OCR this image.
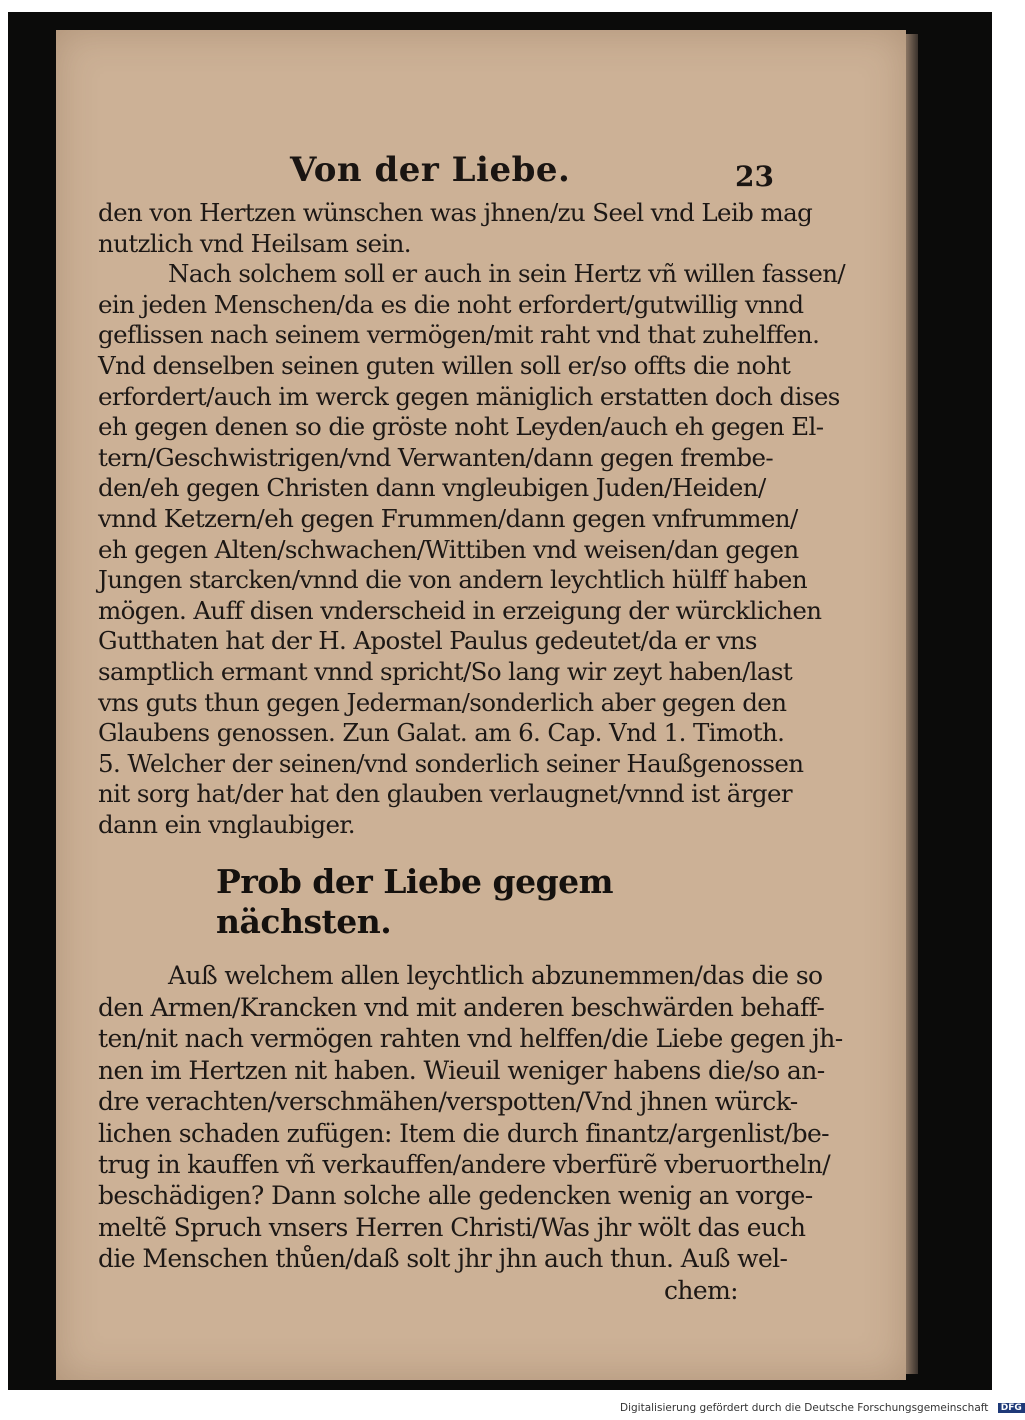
Von der Liebe.	23
den von Hertzen wünschen was jhnen/zu Seel vnd Leib mag
nutzlich vnd Heilsam sein.
Nach solchem soll er auch in sein Hertz vñ willen fassen/
ein jeden Menschen/da es die noht erfordert/gutwillig vnnd
geflissen nach seinem vermögen/mit raht vnd that zuhelffen.
Vnd denselben seinen guten willen soll er/so offts die noht
erfordert/auch im werck gegen mäniglich erstatten doch dises
eh gegen denen so die gröste noht Leyden/auch eh gegen El-
tern/Geschwistrigen/vnd Verwanten/dann gegen frembe-
den/eh gegen Christen dann vngleubigen Juden/Heiden/
vnnd Ketzern/eh gegen Frummen/dann gegen vnfrummen/
eh gegen Alten/schwachen/Wittiben vnd weisen/dan gegen
Jungen starcken/vnnd die von andern leychtlich hülff haben
mögen. Auff disen vnderscheid in erzeigung der würcklichen
Gutthaten hat der H. Apostel Paulus gedeutet/da er vns
samptlich ermant vnnd spricht/So lang wir zeyt haben/last
vns guts thun gegen Jederman/sonderlich aber gegen den
Glaubens genossen. Zun Galat. am 6. Cap. Vnd 1. Timoth.
5. Welcher der seinen/vnd sonderlich seiner Haußgenossen
nit sorg hat/der hat den glauben verlaugnet/vnnd ist ärger
dann ein vnglaubiger.
Prob der Liebe gegem nächsten.
Auß welchem allen leychtlich abzunemmen/das die so
den Armen/Krancken vnd mit anderen beschwärden behaff-
ten/nit nach vermögen rahten vnd helffen/die Liebe gegen jh-
nen im Hertzen nit haben. Wieuil weniger habens die/so an-
dre verachten/verschmähen/verspotten/Vnd jhnen würck-
lichen schaden zufügen: Item die durch finantz/argenlist/be-
trug in kauffen vñ verkauffen/andere vberfürẽ vberuortheln/
beschädigen? Dann solche alle gedencken wenig an vorge-
meltẽ Spruch vnsers Herren Christi/Was jhr wölt das euch
die Menschen thůen/daß solt jhr jhn auch thun. Auß wel-
chem:
Digitalisierung gefördert durch die Deutsche Forschungsgemeinschaft DFG
